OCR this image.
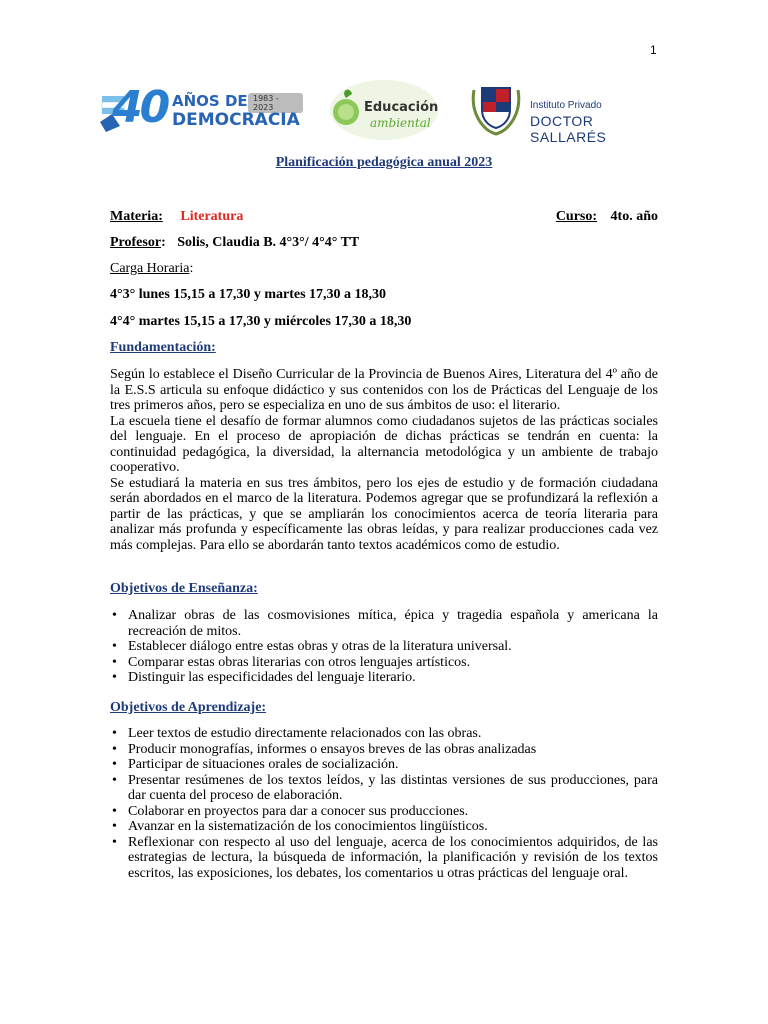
1
40 AÑOS DE 1983 - 2023
DEMOCRACIA
Educación
ambiental
Instituto Privado
DOCTOR SALLARÉS
Planificación pedagógica anual 2023
Materia: Literatura	Curso: 4to. año
Profesor: Solis, Claudia B. 4°3°/ 4°4° TT
Carga Horaria:
4°3° lunes 15,15 a 17,30 y martes 17,30 a 18,30
4°4° martes 15,15 a 17,30 y miércoles 17,30 a 18,30
Fundamentación:

Según lo establece el Diseño Curricular de la Provincia de Buenos Aires, Literatura del 4º año de la E.S.S articula su enfoque didáctico y sus contenidos con los de Prácticas del Lenguaje de los tres primeros años, pero se especializa en uno de sus ámbitos de uso: el literario.

La escuela tiene el desafío de formar alumnos como ciudadanos sujetos de las prácticas sociales del lenguaje. En el proceso de apropiación de dichas prácticas se tendrán en cuenta: la continuidad pedagógica, la diversidad, la alternancia metodológica y un ambiente de trabajo cooperativo.

Se estudiará la materia en sus tres ámbitos, pero los ejes de estudio y de formación ciudadana serán abordados en el marco de la literatura. Podemos agregar que se profundizará la reflexión a partir de las prácticas, y que se ampliarán los conocimientos acerca de teoría literaria para analizar más profunda y específicamente las obras leídas, y para realizar producciones cada vez más complejas. Para ello se abordarán tanto textos académicos como de estudio.

Objetivos de Enseñanza:
• Analizar obras de las cosmovisiones mítica, épica y tragedia española y americana la recreación de mitos.
• Establecer diálogo entre estas obras y otras de la literatura universal.
• Comparar estas obras literarias con otros lenguajes artísticos.
• Distinguir las especificidades del lenguaje literario.
Objetivos de Aprendizaje:
• Leer textos de estudio directamente relacionados con las obras.
• Producir monografías, informes o ensayos breves de las obras analizadas
• Participar de situaciones orales de socialización.
• Presentar resúmenes de los textos leídos, y las distintas versiones de sus producciones, para dar cuenta del proceso de elaboración.
• Colaborar en proyectos para dar a conocer sus producciones.
• Avanzar en la sistematización de los conocimientos lingüísticos.
• Reflexionar con respecto al uso del lenguaje, acerca de los conocimientos adquiridos, de las estrategias de lectura, la búsqueda de información, la planificación y revisión de los textos escritos, las exposiciones, los debates, los comentarios u otras prácticas del lenguaje oral.
